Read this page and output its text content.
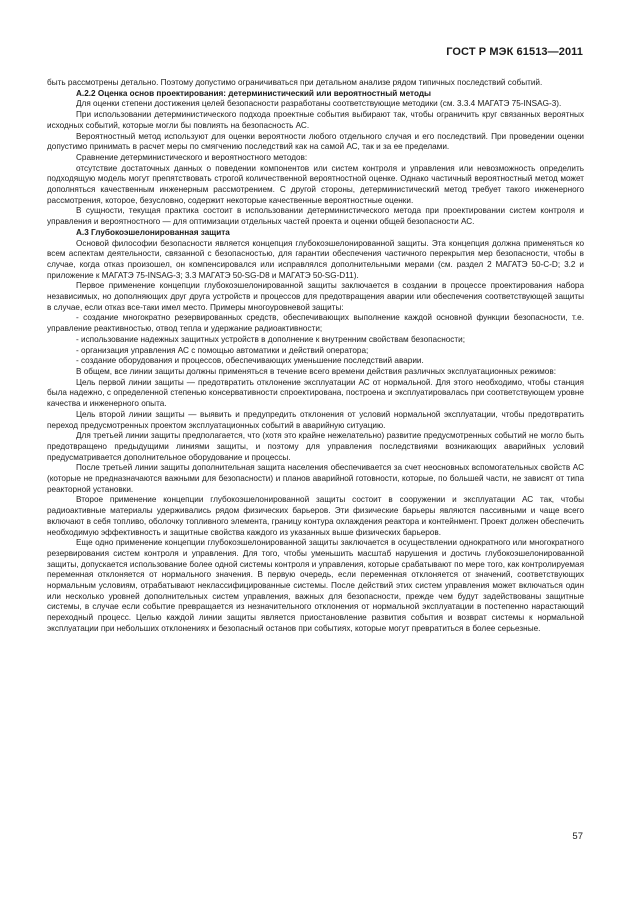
ГОСТ Р МЭК 61513—2011

быть рассмотрены детально. Поэтому допустимо ограничиваться при детальном анализе рядом типичных последствий событий.

А.2.2 Оценка основ проектирования: детерминистический или вероятностный методы

Для оценки степени достижения целей безопасности разработаны соответствующие методики (см. 3.3.4 МАГАТЭ 75-INSAG-3).

При использовании детерминистического подхода проектные события выбирают так, чтобы ограничить круг связанных вероятных исходных событий, которые могли бы повлиять на безопасность АС.

Вероятностный метод используют для оценки вероятности любого отдельного случая и его последствий. При проведении оценки допустимо принимать в расчет меры по смягчению последствий как на самой АС, так и за ее пределами.

Сравнение детерминистического и вероятностного методов:

отсутствие достаточных данных о поведении компонентов или систем контроля и управления или невозможность определить подходящую модель могут препятствовать строгой количественной вероятностной оценке. Однако частичный вероятностный метод может дополняться качественным инженерным рассмотрением. С другой стороны, детерминистический метод требует такого инженерного рассмотрения, которое, безусловно, содержит некоторые качественные вероятностные оценки.

В сущности, текущая практика состоит в использовании детерминистического метода при проектировании систем контроля и управления и вероятностного — для оптимизации отдельных частей проекта и оценки общей безопасности АС.

А.3 Глубокоэшелонированная защита

Основой философии безопасности является концепция глубокоэшелонированной защиты. Эта концепция должна применяться ко всем аспектам деятельности, связанной с безопасностью, для гарантии обеспечения частичного перекрытия мер безопасности, чтобы в случае, когда отказ произошел, он компенсировался или исправлялся дополнительными мерами (см. раздел 2 МАГАТЭ 50-С-D; 3.2 и приложение к МАГАТЭ 75-INSAG-3; 3.3 МАГАТЭ 50-SG-D8 и МАГАТЭ 50-SG-D11).

Первое применение концепции глубокоэшелонированной защиты заключается в создании в процессе проектирования набора независимых, но дополняющих друг друга устройств и процессов для предотвращения аварии или обеспечения соответствующей защиты в случае, если отказ все-таки имел место. Примеры многоуровневой защиты:

- создание многократно резервированных средств, обеспечивающих выполнение каждой основной функции безопасности, т.е. управление реактивностью, отвод тепла и удержание радиоактивности;

- использование надежных защитных устройств в дополнение к внутренним свойствам безопасности;

- организация управления АС с помощью автоматики и действий оператора;

- создание оборудования и процессов, обеспечивающих уменьшение последствий аварии.

В общем, все линии защиты должны применяться в течение всего времени действия различных эксплуатационных режимов:

Цель первой линии защиты — предотвратить отклонение эксплуатации АС от нормальной. Для этого необходимо, чтобы станция была надежно, с определенной степенью консервативности спроектирована, построена и эксплуатировалась при соответствующем уровне качества и инженерного опыта.

Цель второй линии защиты — выявить и предупредить отклонения от условий нормальной эксплуатации, чтобы предотвратить переход предусмотренных проектом эксплуатационных событий в аварийную ситуацию.

Для третьей линии защиты предполагается, что (хотя это крайне нежелательно) развитие предусмотренных событий не могло быть предотвращено предыдущими линиями защиты, и поэтому для управления последствиями возникающих аварийных условий предусматривается дополнительное оборудование и процессы.

После третьей линии защиты дополнительная защита населения обеспечивается за счет неосновных вспомогательных свойств АС (которые не предназначаются важными для безопасности) и планов аварийной готовности, которые, по большей части, не зависят от типа реакторной установки.

Второе применение концепции глубокоэшелонированной защиты состоит в сооружении и эксплуатации АС так, чтобы радиоактивные материалы удерживались рядом физических барьеров. Эти физические барьеры являются пассивными и чаще всего включают в себя топливо, оболочку топливного элемента, границу контура охлаждения реактора и контейнмент. Проект должен обеспечить необходимую эффективность и защитные свойства каждого из указанных выше физических барьеров.

Еще одно применение концепции глубокоэшелонированной защиты заключается в осуществлении однократного или многократного резервирования систем контроля и управления. Для того, чтобы уменьшить масштаб нарушения и достичь глубокоэшелонированной защиты, допускается использование более одной системы контроля и управления, которые срабатывают по мере того, как контролируемая переменная отклоняется от нормального значения. В первую очередь, если переменная отклоняется от значений, соответствующих нормальным условиям, отрабатывают неклассифицированные системы. После действий этих систем управления может включаться один или несколько уровней дополнительных систем управления, важных для безопасности, прежде чем будут задействованы защитные системы, в случае если событие превращается из незначительного отклонения от нормальной эксплуатации в постепенно нарастающий переходный процесс. Целью каждой линии защиты является приостановление развития события и возврат системы к нормальной эксплуатации при небольших отклонениях и безопасный останов при событиях, которые могут превратиться в более серьезные.

57
